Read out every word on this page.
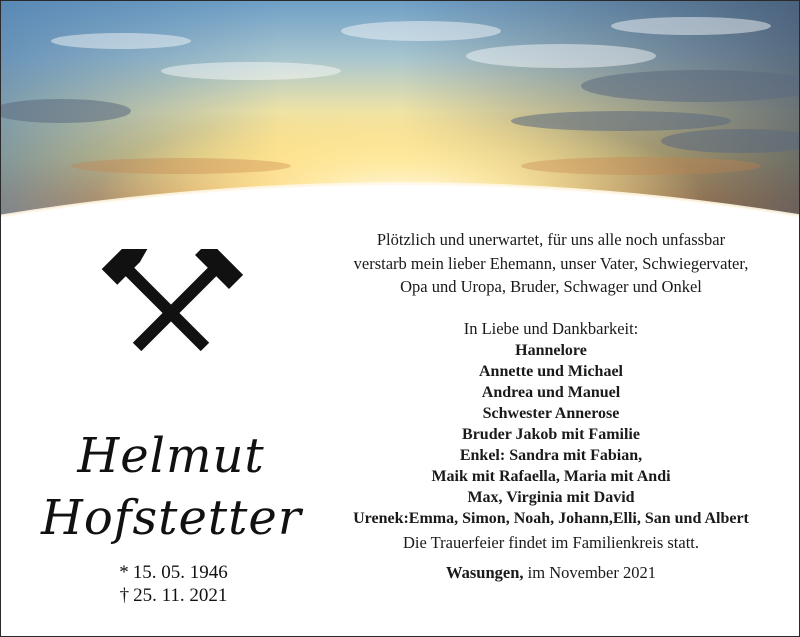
Helmut
Hofstetter
* 15. 05. 1946
† 25. 11. 2021
Plötzlich und unerwartet, für uns alle noch unfassbar
verstarb mein lieber Ehemann, unser Vater, Schwiegervater,
Opa und Uropa, Bruder, Schwager und Onkel
In Liebe und Dankbarkeit:
Hannelore
Annette und Michael
Andrea und Manuel
Schwester Annerose
Bruder Jakob mit Familie
Enkel: Sandra mit Fabian,
Maik mit Rafaella, Maria mit Andi
Max, Virginia mit David
Urenek:Emma, Simon, Noah, Johann,Elli, San und Albert
Die Trauerfeier findet im Familienkreis statt.
Wasungen, im November 2021
